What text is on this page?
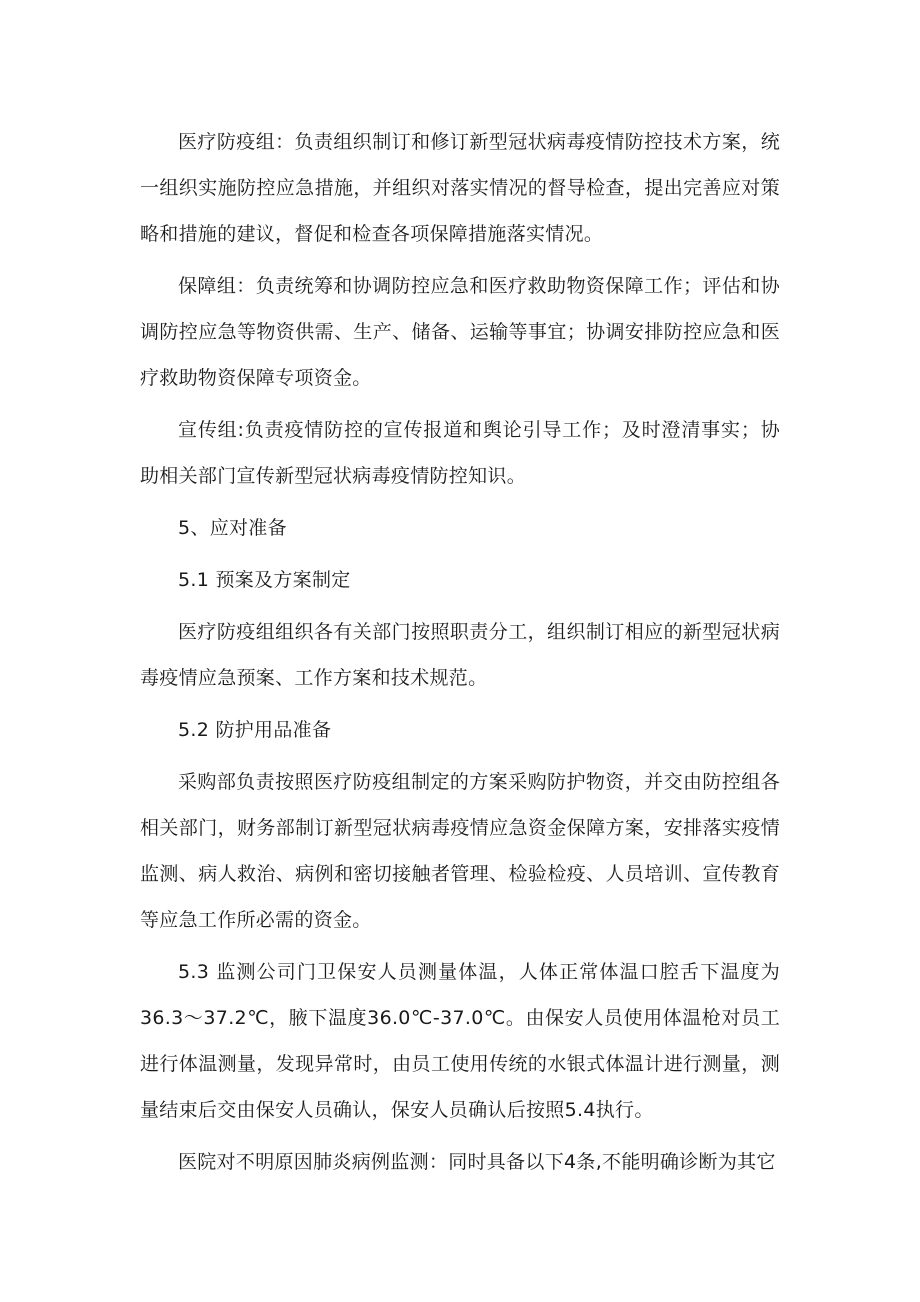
医疗防疫组：负责组织制订和修订新型冠状病毒疫情防控技术方案，统一组织实施防控应急措施，并组织对落实情况的督导检查，提出完善应对策略和措施的建议，督促和检查各项保障措施落实情况。

保障组：负责统筹和协调防控应急和医疗救助物资保障工作；评估和协调防控应急等物资供需、生产、储备、运输等事宜；协调安排防控应急和医疗救助物资保障专项资金。

宣传组:负责疫情防控的宣传报道和舆论引导工作；及时澄清事实；协助相关部门宣传新型冠状病毒疫情防控知识。

5、应对准备

5.1 预案及方案制定

医疗防疫组组织各有关部门按照职责分工，组织制订相应的新型冠状病毒疫情应急预案、工作方案和技术规范。

5.2 防护用品准备

采购部负责按照医疗防疫组制定的方案采购防护物资，并交由防控组各相关部门，财务部制订新型冠状病毒疫情应急资金保障方案，安排落实疫情监测、病人救治、病例和密切接触者管理、检验检疫、人员培训、宣传教育等应急工作所必需的资金。

5.3 监测公司门卫保安人员测量体温，人体正常体温口腔舌下温度为36.3～37.2℃，腋下温度36.0℃-37.0℃。由保安人员使用体温枪对员工进行体温测量，发现异常时，由员工使用传统的水银式体温计进行测量，测量结束后交由保安人员确认，保安人员确认后按照5.4执行。

医院对不明原因肺炎病例监测：同时具备以下4条,不能明确诊断为其它
